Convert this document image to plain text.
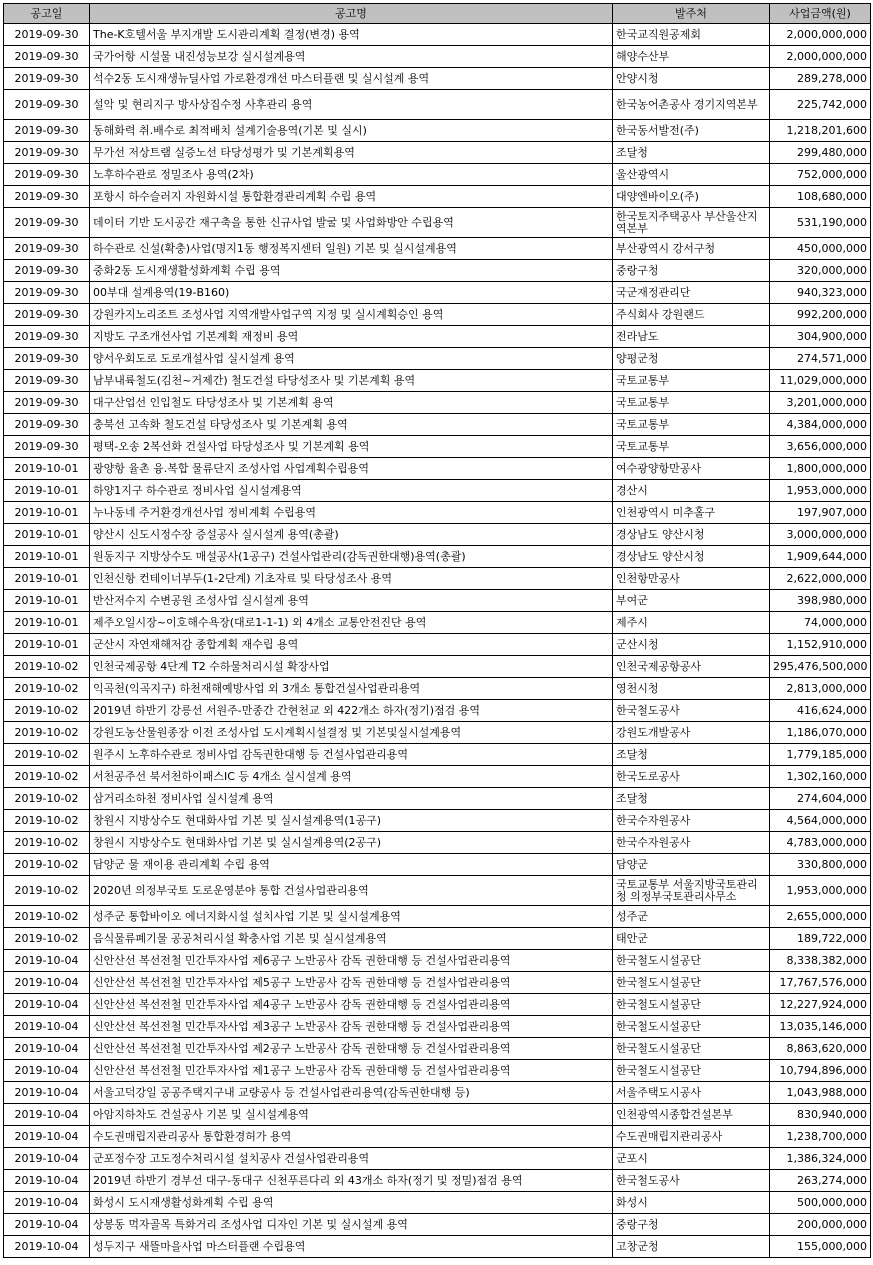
공고일	공고명	발주처	사업금액(원)
2019-09-30	The-K호텔서울 부지개발 도시관리계획 결정(변경) 용역	한국교직원공제회	2,000,000,000
2019-09-30	국가어항 시설물 내진성능보강 실시설계용역	해양수산부	2,000,000,000
2019-09-30	석수2동 도시재생뉴딜사업 가로환경개선 마스터플랜 및 실시설계 용역	안양시청	289,278,000
2019-09-30	설악 및 현리지구 방사상집수정 사후관리 용역	한국농어촌공사 경기지역본부	225,742,000
2019-09-30	동해화력 취.배수로 최적배치 설계기술용역(기본 및 실시)	한국동서발전(주)	1,218,201,600
2019-09-30	무가선 저상트램 실증노선 타당성평가 및 기본계획용역	조달청	299,480,000
2019-09-30	노후하수관로 정밀조사 용역(2차)	울산광역시	752,000,000
2019-09-30	포항시 하수슬러지 자원화시설 통합환경관리계획 수립 용역	대양엔바이오(주)	108,680,000
2019-09-30	데이터 기반 도시공간 재구축을 통한 신규사업 발굴 및 사업화방안 수립용역	한국토지주택공사 부산울산지역본부	531,190,000
2019-09-30	하수관로 신설(확충)사업(명지1동 행정복지센터 일원) 기본 및 실시설계용역	부산광역시 강서구청	450,000,000
2019-09-30	중화2동 도시재생활성화계획 수립 용역	중랑구청	320,000,000
2019-09-30	00부대 설계용역(19-B160)	국군재정관리단	940,323,000
2019-09-30	강원카지노리조트 조성사업 지역개발사업구역 지정 및 실시계획승인 용역	주식회사 강원랜드	992,200,000
2019-09-30	지방도 구조개선사업 기본계획 재정비 용역	전라남도	304,900,000
2019-09-30	양서우회도로 도로개설사업 실시설계 용역	양평군청	274,571,000
2019-09-30	남부내륙철도(김천~거제간) 철도건설 타당성조사 및 기본계획 용역	국토교통부	11,029,000,000
2019-09-30	대구산업선 인입철도 타당성조사 및 기본계획 용역	국토교통부	3,201,000,000
2019-09-30	충북선 고속화 철도건설 타당성조사 및 기본계획 용역	국토교통부	4,384,000,000
2019-09-30	평택-오송 2복선화 건설사업 타당성조사 및 기본계획 용역	국토교통부	3,656,000,000
2019-10-01	광양항 율촌 융.복합 물류단지 조성사업 사업계획수립용역	여수광양항만공사	1,800,000,000
2019-10-01	하양1지구 하수관로 정비사업 실시설계용역	경산시	1,953,000,000
2019-10-01	누나동네 주거환경개선사업 정비계획 수립용역	인천광역시 미추홀구	197,907,000
2019-10-01	양산시 신도시정수장 증설공사 실시설계 용역(총괄)	경상남도 양산시청	3,000,000,000
2019-10-01	원동지구 지방상수도 매설공사(1공구) 건설사업관리(감독권한대행)용역(총괄)	경상남도 양산시청	1,909,644,000
2019-10-01	인천신항 컨테이너부두(1-2단계) 기초자료 및 타당성조사 용역	인천항만공사	2,622,000,000
2019-10-01	반산저수지 수변공원 조성사업 실시설계 용역	부여군	398,980,000
2019-10-01	제주오일시장~이호해수욕장(대로1-1-1) 외 4개소 교통안전진단 용역	제주시	74,000,000
2019-10-01	군산시 자연재해저감 종합계획 재수립 용역	군산시청	1,152,910,000
2019-10-02	인천국제공항 4단계 T2 수하물처리시설 확장사업	인천국제공항공사	295,476,500,000
2019-10-02	익곡천(익곡지구) 하천재해예방사업 외 3개소 통합건설사업관리용역	영천시청	2,813,000,000
2019-10-02	2019년 하반기 강릉선 서원주-만종간 간현천교 외 422개소 하자(정기)점검 용역	한국철도공사	416,624,000
2019-10-02	강원도농산물원종장 이전 조성사업 도시계획시설결정 및 기본및실시설계용역	강원도개발공사	1,186,070,000
2019-10-02	원주시 노후하수관로 정비사업 감독권한대행 등 건설사업관리용역	조달청	1,779,185,000
2019-10-02	서천공주선 북서천하이패스IC 등 4개소 실시설계 용역	한국도로공사	1,302,160,000
2019-10-02	삼거리소하천 정비사업 실시설계 용역	조달청	274,604,000
2019-10-02	창원시 지방상수도 현대화사업 기본 및 실시설계용역(1공구)	한국수자원공사	4,564,000,000
2019-10-02	창원시 지방상수도 현대화사업 기본 및 실시설계용역(2공구)	한국수자원공사	4,783,000,000
2019-10-02	담양군 물 재이용 관리계획 수립 용역	담양군	330,800,000
2019-10-02	2020년 의정부국토 도로운영분야 통합 건설사업관리용역	국토교통부 서울지방국토관리청 의정부국토관리사무소	1,953,000,000
2019-10-02	성주군 통합바이오 에너지화시설 설치사업 기본 및 실시설계용역	성주군	2,655,000,000
2019-10-02	음식물류폐기물 공공처리시설 확충사업 기본 및 실시설계용역	태안군	189,722,000
2019-10-04	신안산선 복선전철 민간투자사업 제6공구 노반공사 감독 권한대행 등 건설사업관리용역	한국철도시설공단	8,338,382,000
2019-10-04	신안산선 복선전철 민간투자사업 제5공구 노반공사 감독 권한대행 등 건설사업관리용역	한국철도시설공단	17,767,576,000
2019-10-04	신안산선 복선전철 민간투자사업 제4공구 노반공사 감독 권한대행 등 건설사업관리용역	한국철도시설공단	12,227,924,000
2019-10-04	신안산선 복선전철 민간투자사업 제3공구 노반공사 감독 권한대행 등 건설사업관리용역	한국철도시설공단	13,035,146,000
2019-10-04	신안산선 복선전철 민간투자사업 제2공구 노반공사 감독 권한대행 등 건설사업관리용역	한국철도시설공단	8,863,620,000
2019-10-04	신안산선 복선전철 민간투자사업 제1공구 노반공사 감독 권한대행 등 건설사업관리용역	한국철도시설공단	10,794,896,000
2019-10-04	서울고덕강일 공공주택지구내 교량공사 등 건설사업관리용역(감독권한대행 등)	서울주택도시공사	1,043,988,000
2019-10-04	아암지하차도 건설공사 기본 및 실시설계용역	인천광역시종합건설본부	830,940,000
2019-10-04	수도권매립지관리공사 통합환경허가 용역	수도권매립지관리공사	1,238,700,000
2019-10-04	군포정수장 고도정수처리시설 설치공사 건설사업관리용역	군포시	1,386,324,000
2019-10-04	2019년 하반기 경부선 대구-동대구 신천푸른다리 외 43개소 하자(정기 및 정밀)점검 용역	한국철도공사	263,274,000
2019-10-04	화성시 도시재생활성화계획 수립 용역	화성시	500,000,000
2019-10-04	상봉동 먹자골목 특화거리 조성사업 디자인 기본 및 실시설계 용역	중랑구청	200,000,000
2019-10-04	성두지구 새뜰마을사업 마스터플랜 수립용역	고창군청	155,000,000
